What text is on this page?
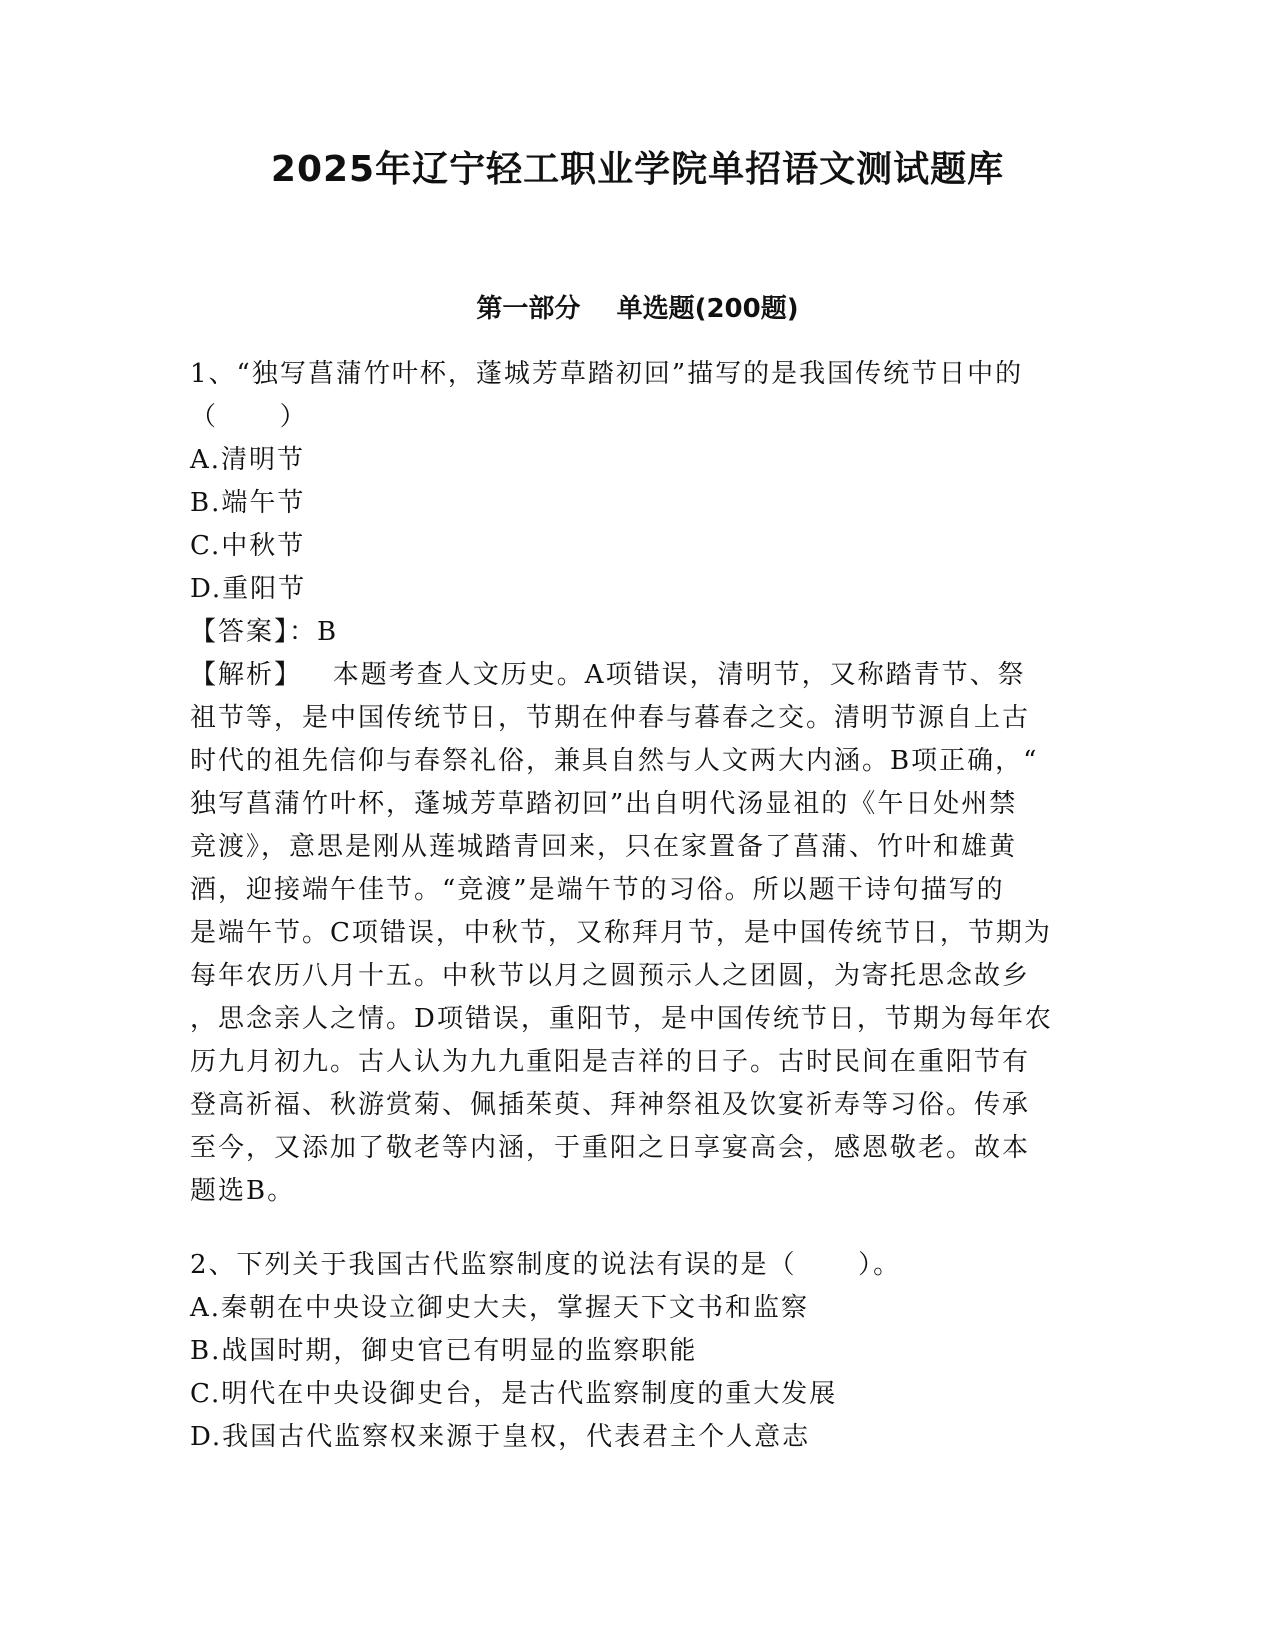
2025年辽宁轻工职业学院单招语文测试题库
第一部分    单选题(200题)
1、“独写菖蒲竹叶杯，蓬城芳草踏初回”描写的是我国传统节日中的
（      ）
A.清明节
B.端午节
C.中秋节
D.重阳节
【答案】：B
【解析】   本题考查人文历史。A项错误，清明节，又称踏青节、祭
祖节等，是中国传统节日，节期在仲春与暮春之交。清明节源自上古
时代的祖先信仰与春祭礼俗，兼具自然与人文两大内涵。B项正确，“
独写菖蒲竹叶杯，蓬城芳草踏初回”出自明代汤显祖的《午日处州禁
竞渡》，意思是刚从莲城踏青回来，只在家置备了菖蒲、竹叶和雄黄
酒，迎接端午佳节。“竞渡”是端午节的习俗。所以题干诗句描写的
是端午节。C项错误，中秋节，又称拜月节，是中国传统节日，节期为
每年农历八月十五。中秋节以月之圆预示人之团圆，为寄托思念故乡
，思念亲人之情。D项错误，重阳节，是中国传统节日，节期为每年农
历九月初九。古人认为九九重阳是吉祥的日子。古时民间在重阳节有
登高祈福、秋游赏菊、佩插茱萸、拜神祭祖及饮宴祈寿等习俗。传承
至今，又添加了敬老等内涵，于重阳之日享宴高会，感恩敬老。故本
题选B。
2、下列关于我国古代监察制度的说法有误的是（      ）。
A.秦朝在中央设立御史大夫，掌握天下文书和监察
B.战国时期，御史官已有明显的监察职能
C.明代在中央设御史台，是古代监察制度的重大发展
D.我国古代监察权来源于皇权，代表君主个人意志
